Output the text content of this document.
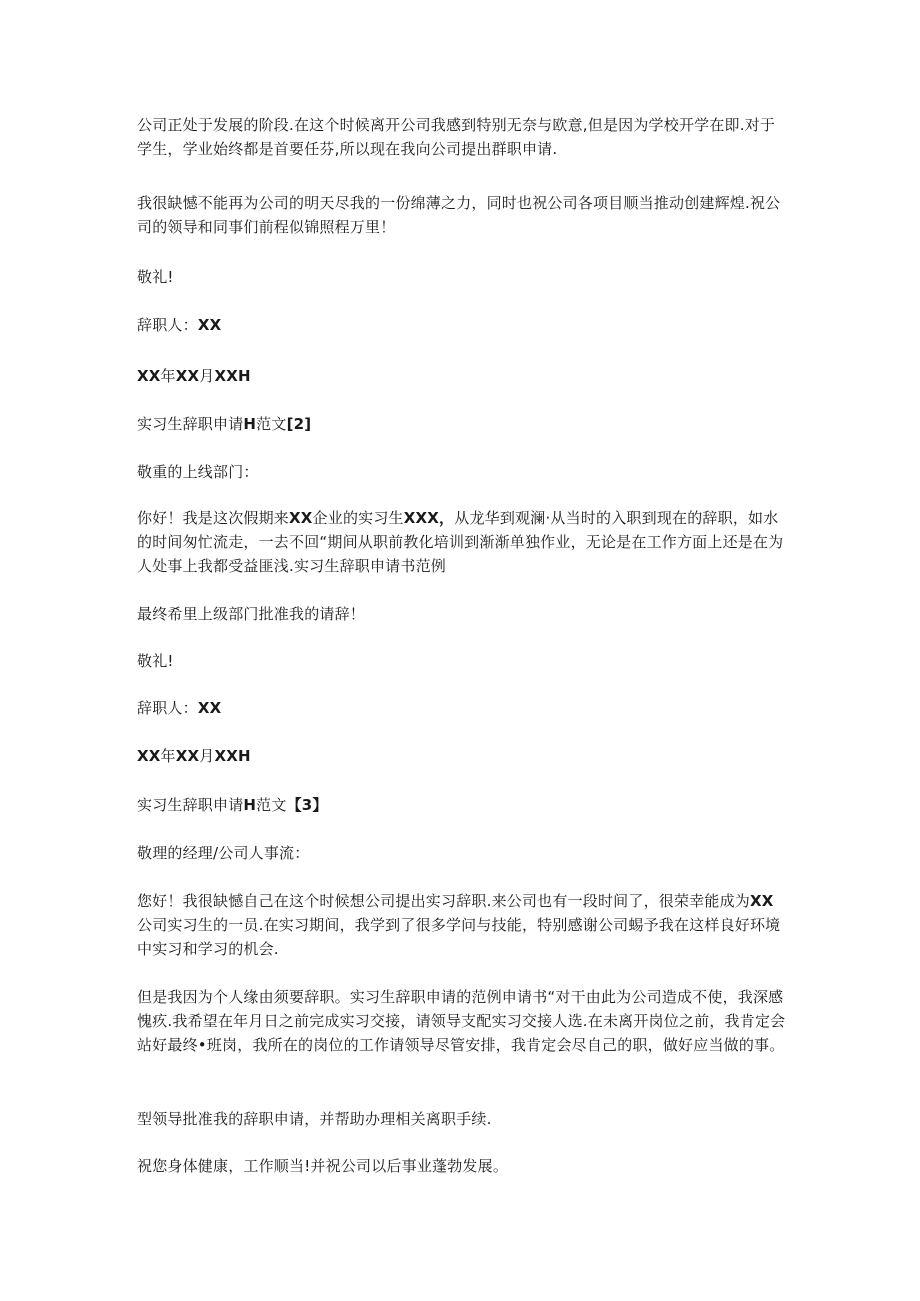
公司正处于发展的阶段.在这个时候离开公司我感到特别无奈与欧意,但是因为学校开学在即.对于学生，学业始终都是首要任芬,所以现在我向公司提出群职申请.

我很缺憾不能再为公司的明天尽我的一份绵薄之力，同时也祝公司各项目顺当推动创建辉煌.祝公司的领导和同事们前程似锦照程万里！

敬礼!

辞职人：XX

XX年XX月XXH

实习生辞职申请H范文[2]

敬重的上线部门：

你好！我是这次假期来XX企业的实习生XXX，从龙华到观澜·从当时的入职到现在的辞职，如水的时间匆忙流走，一去不回“期间从职前教化培训到渐渐单独作业，无论是在工作方面上还是在为人处事上我都受益匪浅.实习生辞职申请书范例

最终希里上级部门批准我的请辞！

敬礼!

辞职人：XX

XX年XX月XXH

实习生辞职申请H范文【3】

敬理的经理/公司人事流：

您好！我很缺憾自己在这个时候想公司提出实习辞职.来公司也有一段时间了，很荣幸能成为XX公司实习生的一员.在实习期间，我学到了很多学问与技能，特别感谢公司蜴予我在这样良好环境中实习和学习的机会.

但是我因为个人缘由须要辞职。实习生辞职申请的范例申请书“对干由此为公司造成不使，我深感愧疚.我希望在年月日之前完成实习交接，请领导支配实习交接人选.在未离开岗位之前，我肯定会站好最终•班岗，我所在的岗位的工作请领导尽管安排，我肯定会尽自己的职，做好应当做的事。

型领导批准我的辞职申请，并帮助办理相关离职手续.

祝您身体健康，工作顺当!并祝公司以后事业蓬勃发展。
